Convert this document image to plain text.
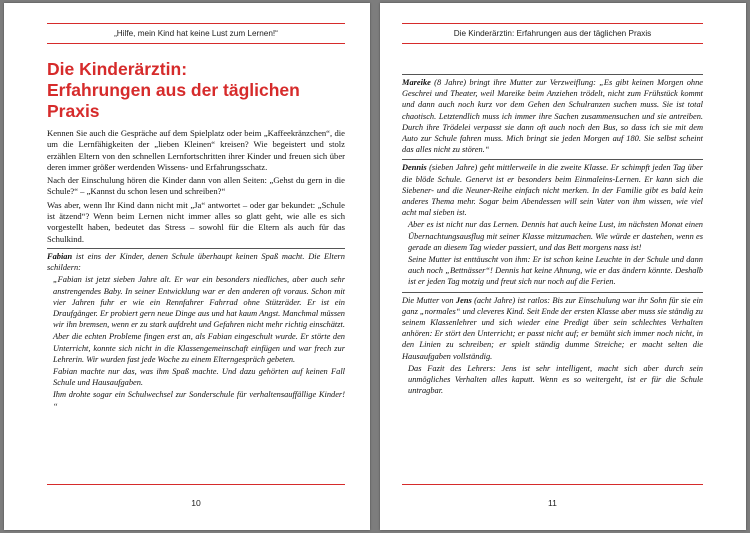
„Hilfe, mein Kind hat keine Lust zum Lernen!“
Die Kinderärztin:
Erfahrungen aus der täglichen Praxis

Kennen Sie auch die Gespräche auf dem Spielplatz oder beim „Kaffeekränzchen“, die um die Lernfähigkeiten der „lieben Kleinen“ kreisen? Wie begeistert und stolz erzählen Eltern von den schnellen Lernfortschritten ihrer Kinder und freuen sich über deren immer größer werdenden Wissens- und Erfahrungsschatz.

Nach der Einschulung hören die Kinder dann von allen Seiten: „Gehst du gern in die Schule?“ – „Kannst du schon lesen und schreiben?“

Was aber, wenn Ihr Kind dann nicht mit „Ja“ antwortet – oder gar bekundet: „Schule ist ätzend“? Wenn beim Lernen nicht immer alles so glatt geht, wie alle es sich vorgestellt haben, bedeutet das Stress – sowohl für die Eltern als auch für das Schulkind.

Fabian ist eins der Kinder, denen Schule überhaupt keinen Spaß macht. Die Eltern schildern:

„Fabian ist jetzt sieben Jahre alt. Er war ein besonders niedliches, aber auch sehr anstrengendes Baby. In seiner Entwicklung war er den anderen oft voraus. Schon mit vier Jahren fuhr er wie ein Rennfahrer Fahrrad ohne Stützräder. Er ist ein Draufgänger. Er probiert gern neue Dinge aus und hat kaum Angst. Manchmal müssen wir ihn bremsen, wenn er zu stark aufdreht und Gefahren nicht mehr richtig einschätzt.

Aber die echten Probleme fingen erst an, als Fabian eingeschult wurde. Er störte den Unterricht, konnte sich nicht in die Klassengemeinschaft einfügen und war frech zur Lehrerin. Wir wurden fast jede Woche zu einem Elterngespräch gebeten.

Fabian machte nur das, was ihm Spaß machte. Und dazu gehörten auf keinen Fall Schule und Hausaufgaben.

Ihm drohte sogar ein Schulwechsel zur Sonderschule für verhaltensauffällige Kinder! “

10
Die Kinderärztin: Erfahrungen aus der täglichen Praxis

Mareike (8 Jahre) bringt ihre Mutter zur Verzweiflung: „Es gibt keinen Morgen ohne Geschrei und Theater, weil Mareike beim Anziehen trödelt, nicht zum Frühstück kommt und dann auch noch kurz vor dem Gehen den Schulranzen suchen muss. Sie ist total chaotisch. Letztendlich muss ich immer ihre Sachen zusammensuchen und sie antreiben. Durch ihre Trödelei verpasst sie dann oft auch noch den Bus, so dass ich sie mit dem Auto zur Schule fahren muss. Mich bringt sie jeden Morgen auf 180. Sie selbst scheint das alles nicht zu stören.“

Dennis (sieben Jahre) geht mittlerweile in die zweite Klasse. Er schimpft jeden Tag über die blöde Schule. Genervt ist er besonders beim Einmaleins-Lernen. Er kann sich die Siebener- und die Neuner-Reihe einfach nicht merken. In der Familie gibt es bald kein anderes Thema mehr. Sogar beim Abendessen will sein Vater von ihm wissen, wie viel acht mal sieben ist.

Aber es ist nicht nur das Lernen. Dennis hat auch keine Lust, im nächsten Monat einen Übernachtungsausflug mit seiner Klasse mitzumachen. Wie würde er dastehen, wenn es gerade an diesem Tag wieder passiert, und das Bett morgens nass ist!

Seine Mutter ist enttäuscht von ihm: Er ist schon keine Leuchte in der Schule und dann auch noch „Bettnässer“! Dennis hat keine Ahnung, wie er das ändern könnte. Deshalb ist er jeden Tag motzig und freut sich nur noch auf die Ferien.

Die Mutter von Jens (acht Jahre) ist ratlos: Bis zur Einschulung war ihr Sohn für sie ein ganz „normales“ und cleveres Kind. Seit Ende der ersten Klasse aber muss sie ständig zu seinem Klassenlehrer und sich wieder eine Predigt über sein schlechtes Verhalten anhören: Er stört den Unterricht; er passt nicht auf; er bemüht sich immer noch nicht, in den Linien zu schreiben; er spielt ständig dumme Streiche; er macht selten die Hausaufgaben vollständig.

Das Fazit des Lehrers: Jens ist sehr intelligent, macht sich aber durch sein unmögliches Verhalten alles kaputt. Wenn es so weitergeht, ist er für die Schule untragbar.

11
